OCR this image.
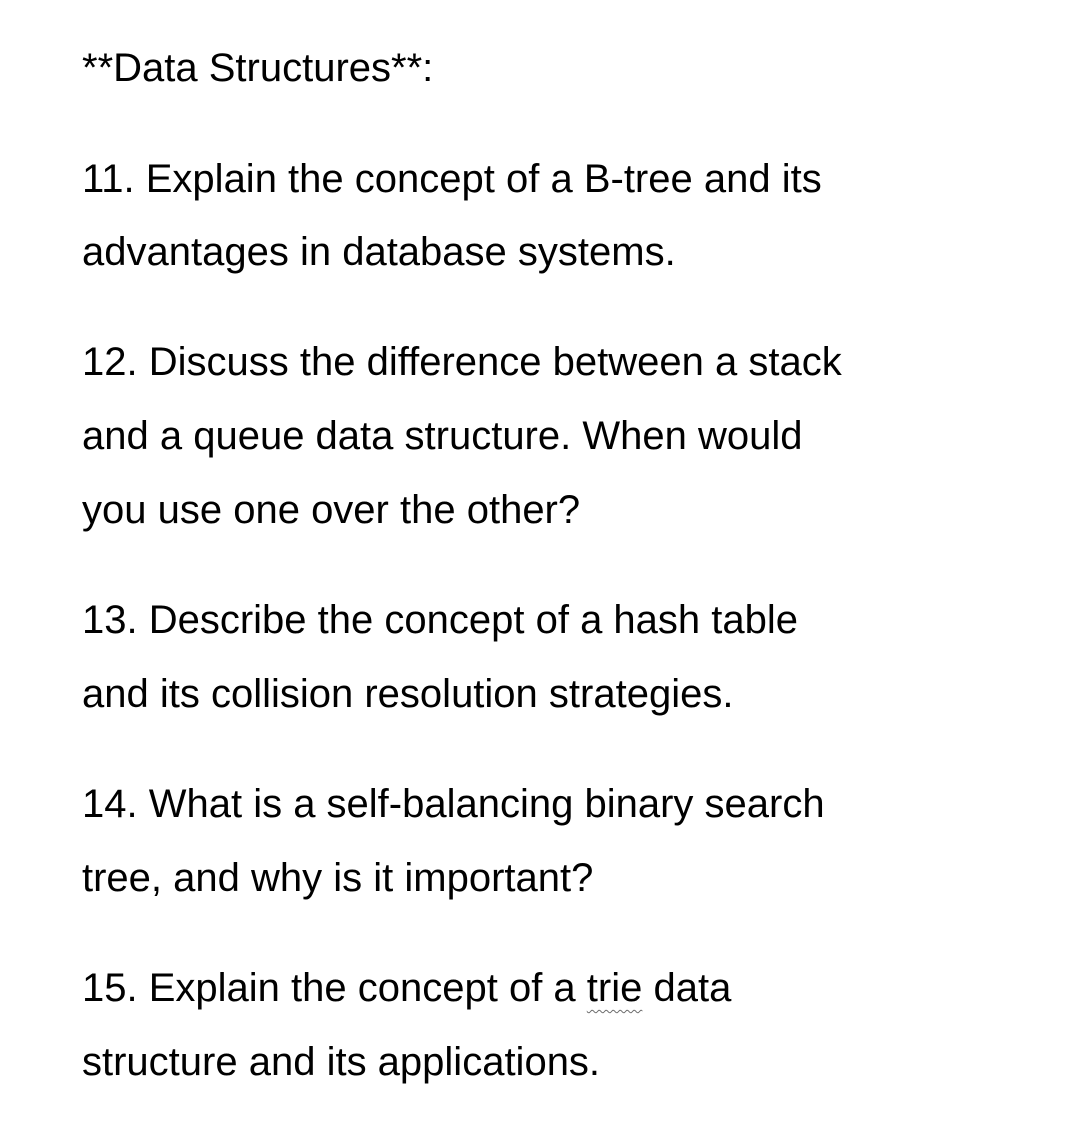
**Data Structures**:
11. Explain the concept of a B-tree and its
advantages in database systems.
12. Discuss the difference between a stack
and a queue data structure. When would
you use one over the other?
13. Describe the concept of a hash table
and its collision resolution strategies.
14. What is a self-balancing binary search
tree, and why is it important?
15. Explain the concept of a trie data
structure and its applications.
